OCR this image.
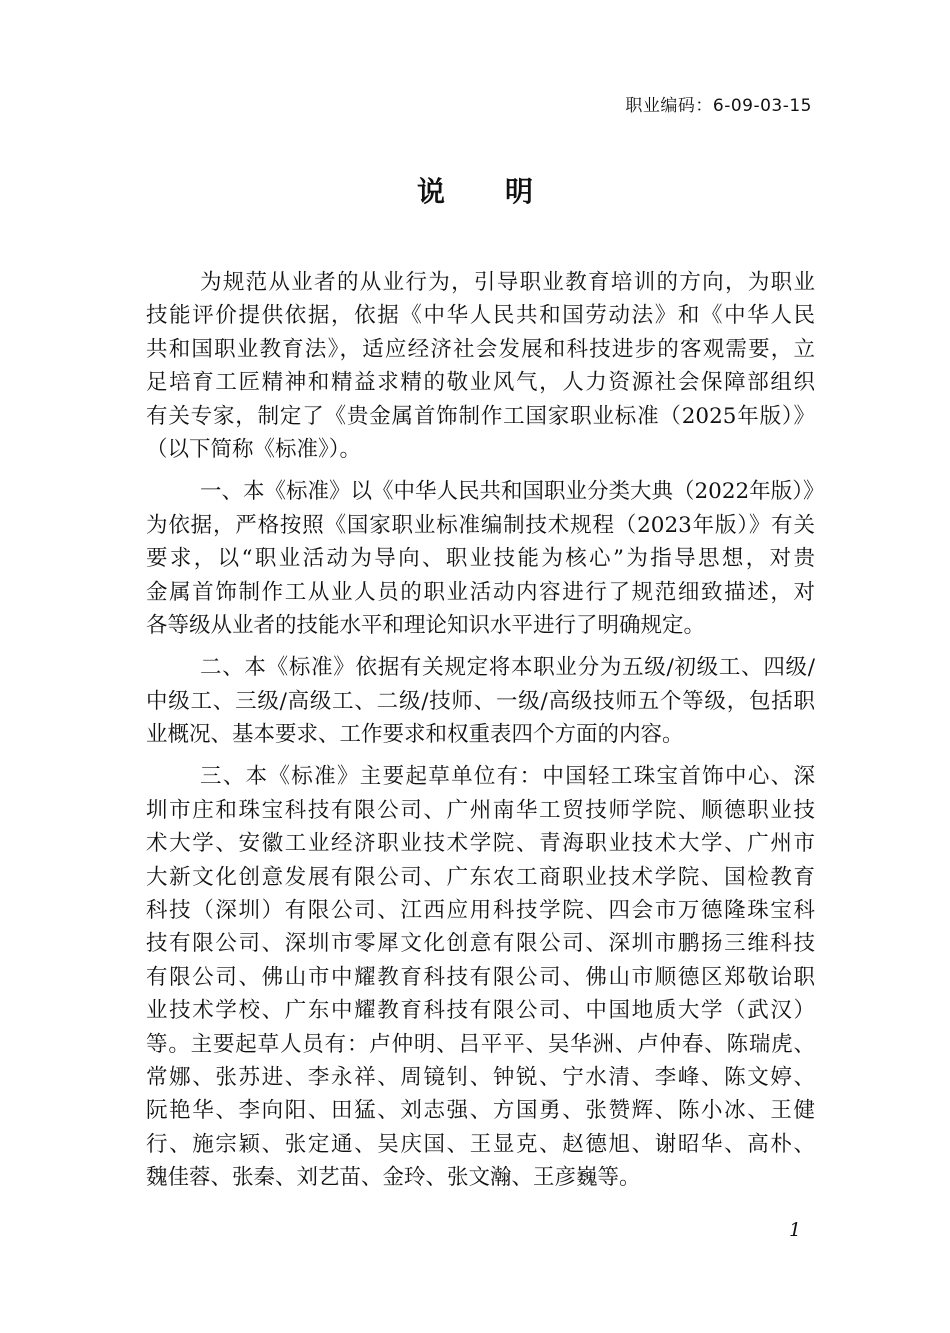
职业编码：6-09-03-15
说明
为规范从业者的从业行为，引导职业教育培训的方向，为职业
技能评价提供依据，依据《中华人民共和国劳动法》和《中华人民
共和国职业教育法》，适应经济社会发展和科技进步的客观需要，立
足培育工匠精神和精益求精的敬业风气，人力资源社会保障部组织
有关专家，制定了《贵金属首饰制作工国家职业标准（2025年版）》
（以下简称《标准》）。
一、本《标准》以《中华人民共和国职业分类大典（2022年版）》
为依据，严格按照《国家职业标准编制技术规程（2023年版）》有关
要求，以“职业活动为导向、职业技能为核心”为指导思想，对贵
金属首饰制作工从业人员的职业活动内容进行了规范细致描述，对
各等级从业者的技能水平和理论知识水平进行了明确规定。
二、本《标准》依据有关规定将本职业分为五级/初级工、四级/
中级工、三级/高级工、二级/技师、一级/高级技师五个等级，包括职
业概况、基本要求、工作要求和权重表四个方面的内容。
三、本《标准》主要起草单位有：中国轻工珠宝首饰中心、深
圳市庄和珠宝科技有限公司、广州南华工贸技师学院、顺德职业技
术大学、安徽工业经济职业技术学院、青海职业技术大学、广州市
大新文化创意发展有限公司、广东农工商职业技术学院、国检教育
科技（深圳）有限公司、江西应用科技学院、四会市万德隆珠宝科
技有限公司、深圳市零犀文化创意有限公司、深圳市鹏扬三维科技
有限公司、佛山市中耀教育科技有限公司、佛山市顺德区郑敬诒职
业技术学校、广东中耀教育科技有限公司、中国地质大学（武汉）
等。主要起草人员有：卢仲明、吕平平、吴华洲、卢仲春、陈瑞虎、
常娜、张苏进、李永祥、周镜钊、钟锐、宁水清、李峰、陈文婷、
阮艳华、李向阳、田猛、刘志强、方国勇、张赞辉、陈小冰、王健
行、施宗颖、张定通、吴庆国、王显克、赵德旭、谢昭华、高朴、
魏佳蓉、张秦、刘艺苗、金玲、张文瀚、王彦巍等。
1
